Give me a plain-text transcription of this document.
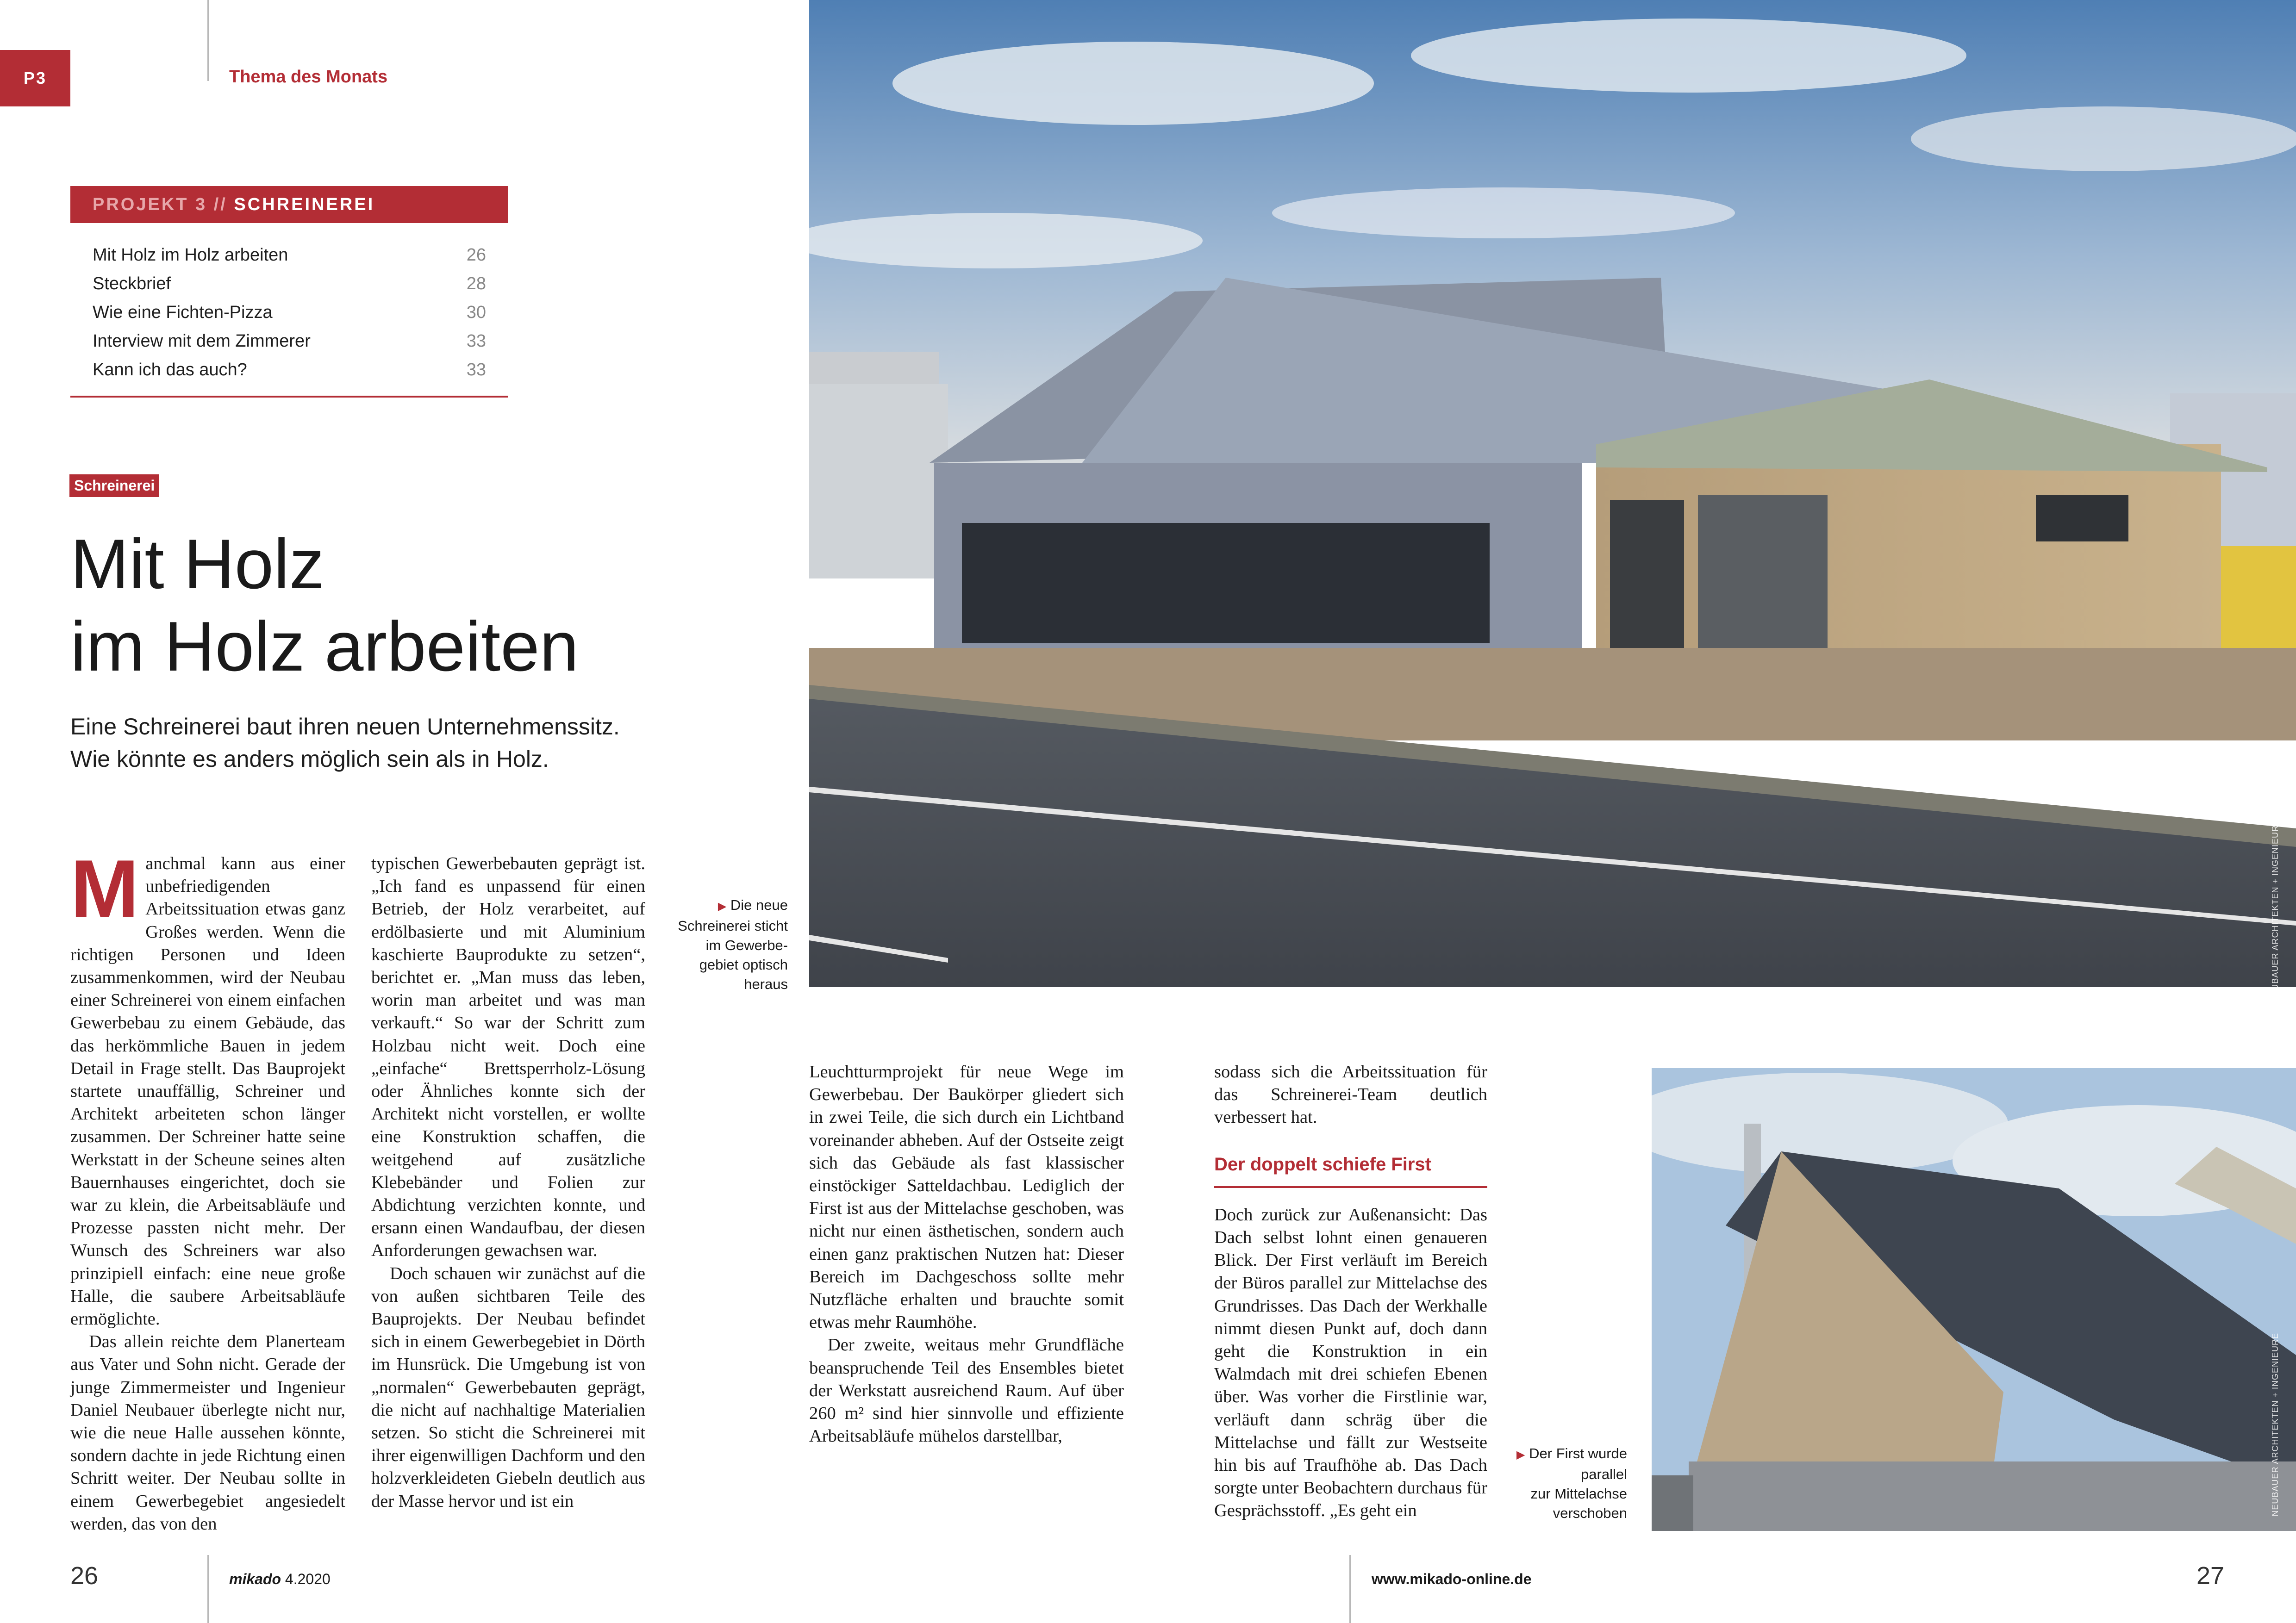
P3	Thema des Monats
PROJEKT 3
//
SCHREINEREI
Mit Holz im Holz arbeiten	26
Steckbrief	28
Wie eine Fichten-Pizza	30
Interview mit dem Zimmerer	33
Kann ich das auch?	33
Schreinerei
Mit Holz
im Holz arbeiten
Eine Schreinerei baut ihren neuen Unternehmenssitz.
Wie könnte es anders möglich sein als in Holz.

Manchmal kann aus einer unbefriedigenden Arbeitssituation etwas ganz Großes werden. Wenn die richtigen Personen und Ideen zusammenkommen, wird der Neubau einer Schreinerei von einem einfachen Gewerbebau zu einem Gebäude, das das herkömmliche Bauen in jedem Detail in Frage stellt. Das Bauprojekt startete unauffällig, Schreiner und Architekt arbeiteten schon länger zusammen. Der Schreiner hatte seine Werkstatt in der Scheune seines alten Bauernhauses eingerichtet, doch sie war zu klein, die Arbeitsabläufe und Prozesse passten nicht mehr. Der Wunsch des Schreiners war also prinzipiell einfach: eine neue große Halle, die saubere Arbeitsabläufe ermöglichte.

Das allein reichte dem Planerteam aus Vater und Sohn nicht. Gerade der junge Zimmermeister und Ingenieur Daniel Neubauer überlegte nicht nur, wie die neue Halle aussehen könnte, sondern dachte in jede Richtung einen Schritt weiter. Der Neubau sollte in einem Gewerbegebiet angesiedelt werden, das von den

typischen Gewerbebauten geprägt ist. „Ich fand es unpassend für einen Betrieb, der Holz verarbeitet, auf erdölbasierte und mit Aluminium kaschierte Bauprodukte zu setzen“, berichtet er. „Man muss das leben, worin man arbeitet und was man verkauft.“ So war der Schritt zum Holzbau nicht weit. Doch eine „einfache“ Brettsperrholz-Lösung oder Ähnliches konnte sich der Architekt nicht vorstellen, er wollte eine Konstruktion schaffen, die weitgehend auf zusätzliche Klebebänder und Folien zur Abdichtung verzichten konnte, und ersann einen Wandaufbau, der diesen Anforderungen gewachsen war.

Doch schauen wir zunächst auf die von außen sichtbaren Teile des Bauprojekts. Der Neubau befindet sich in einem Gewerbegebiet in Dörth im Hunsrück. Die Umgebung ist von „normalen“ Gewerbebauten geprägt, die nicht auf nachhaltige Materialien setzen. So sticht die Schreinerei mit ihrer eigenwilligen Dachform und den holzverkleideten Giebeln deutlich aus der Masse hervor und ist ein

Leuchtturmprojekt für neue Wege im Gewerbebau. Der Baukörper gliedert sich in zwei Teile, die sich durch ein Lichtband voreinander abheben. Auf der Ostseite zeigt sich das Gebäude als fast klassischer einstöckiger Satteldachbau. Lediglich der First ist aus der Mittelachse geschoben, was nicht nur einen ästhetischen, sondern auch einen ganz praktischen Nutzen hat: Dieser Bereich im Dachgeschoss sollte mehr Nutzfläche erhalten und brauchte somit etwas mehr Raumhöhe.

Der zweite, weitaus mehr Grundfläche beanspruchende Teil des Ensembles bietet der Werkstatt ausreichend Raum. Auf über 260 m² sind hier sinnvolle und effiziente Arbeitsabläufe mühelos darstellbar,

sodass sich die Arbeitssituation für das Schreinerei-Team deutlich verbessert hat.

Der doppelt schiefe First

Doch zurück zur Außenansicht: Das Dach selbst lohnt einen genaueren Blick. Der First verläuft im Bereich der Büros parallel zur Mittelachse des Grundrisses. Das Dach der Werkhalle nimmt diesen Punkt auf, doch dann geht die Konstruktion in ein Walmdach mit drei schiefen Ebenen über. Was vorher die Firstlinie war, verläuft dann schräg über die Mittelachse und fällt zur Westseite hin bis auf Traufhöhe ab. Das Dach sorgte unter Beobachtern durchaus für Gesprächsstoff. „Es geht ein

▶ Die neue
Schreinerei sticht
im Gewerbe-
gebiet optisch
heraus
▶ Der First wurde
parallel
zur Mittelachse
verschoben
NEUBAUER ARCHITEKTEN + INGENIEURE
NEUBAUER ARCHITEKTEN + INGENIEURE
26	mikado 4.2020	www.mikado-online.de	27
